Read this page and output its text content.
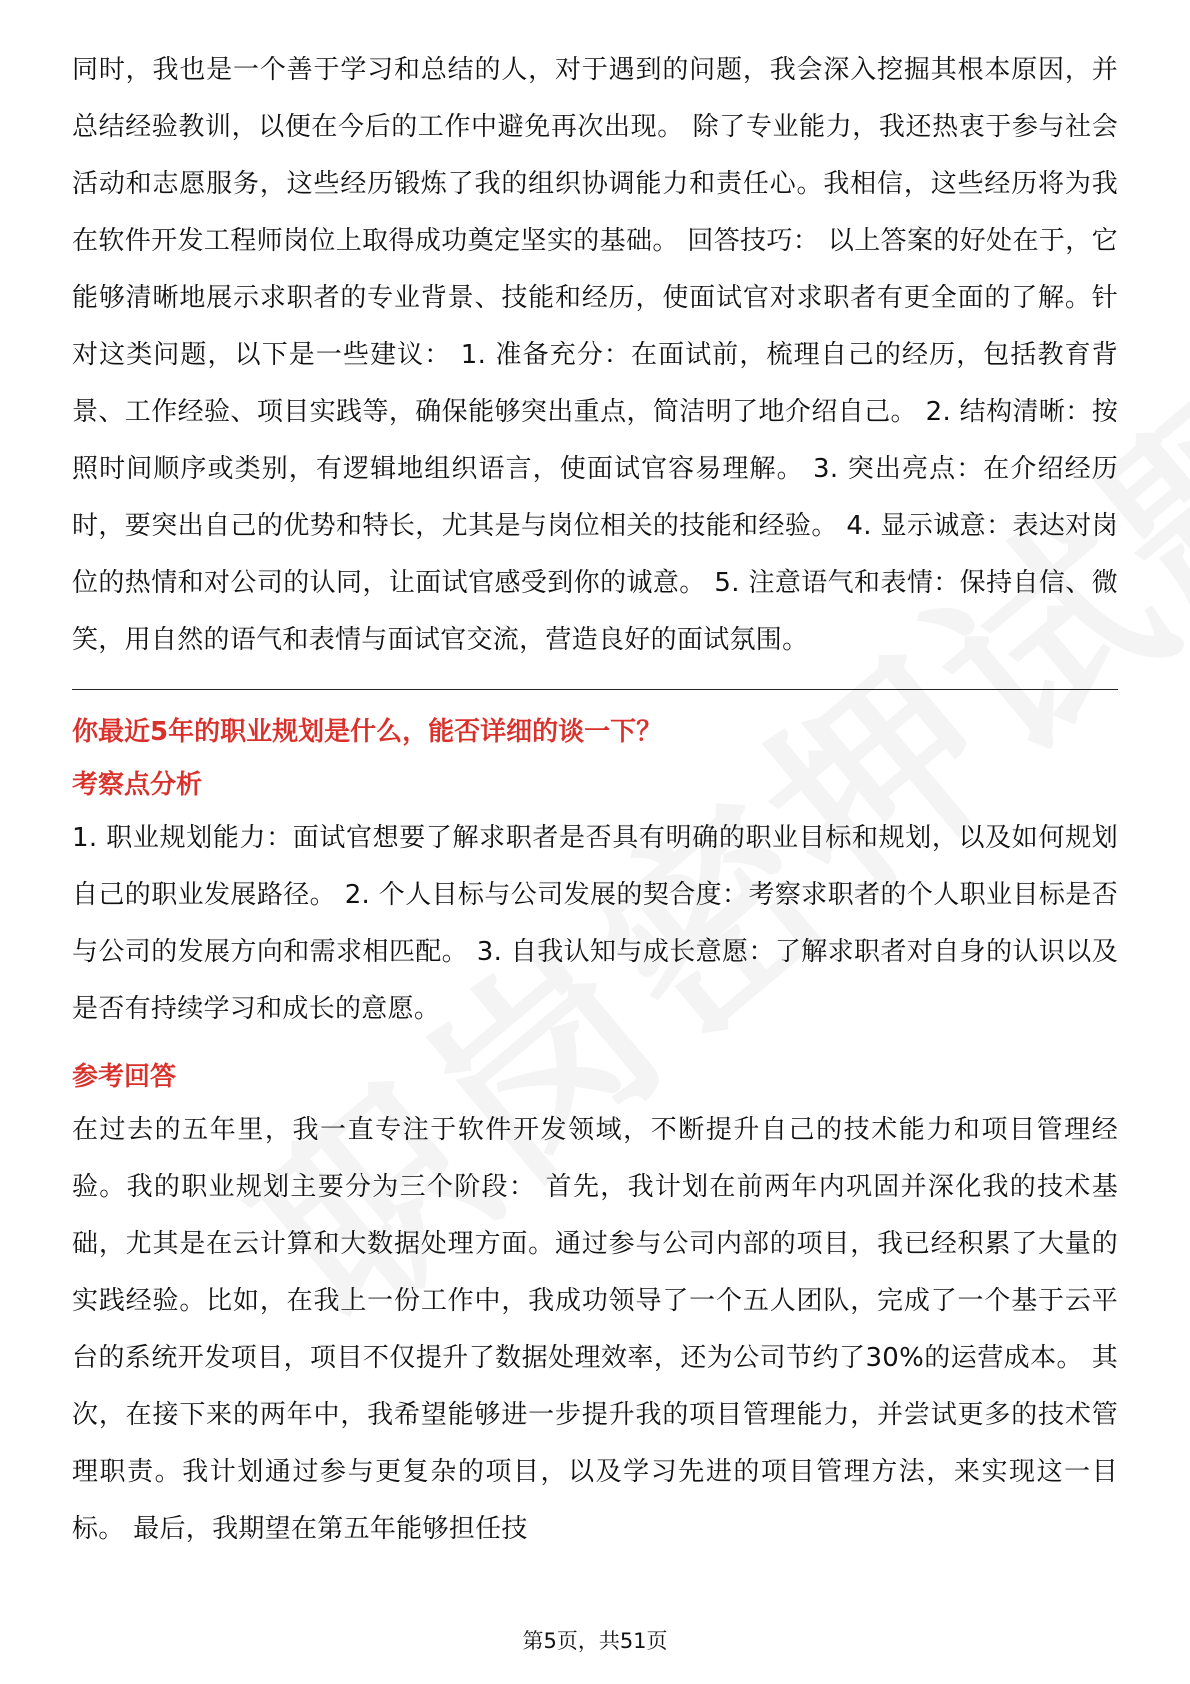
同时，我也是一个善于学习和总结的人，对于遇到的问题，我会深入挖掘其根本原因，并总结经验教训，以便在今后的工作中避免再次出现。 除了专业能力，我还热衷于参与社会活动和志愿服务，这些经历锻炼了我的组织协调能力和责任心。我相信，这些经历将为我在软件开发工程师岗位上取得成功奠定坚实的基础。 回答技巧： 以上答案的好处在于，它能够清晰地展示求职者的专业背景、技能和经历，使面试官对求职者有更全面的了解。针对这类问题，以下是一些建议： 1. 准备充分：在面试前，梳理自己的经历，包括教育背景、工作经验、项目实践等，确保能够突出重点，简洁明了地介绍自己。 2. 结构清晰：按照时间顺序或类别，有逻辑地组织语言，使面试官容易理解。 3. 突出亮点：在介绍经历时，要突出自己的优势和特长，尤其是与岗位相关的技能和经验。 4. 显示诚意：表达对岗位的热情和对公司的认同，让面试官感受到你的诚意。 5. 注意语气和表情：保持自信、微笑，用自然的语气和表情与面试官交流，营造良好的面试氛围。

你最近5年的职业规划是什么，能否详细的谈一下？

考察点分析

1. 职业规划能力：面试官想要了解求职者是否具有明确的职业目标和规划，以及如何规划自己的职业发展路径。 2. 个人目标与公司发展的契合度：考察求职者的个人职业目标是否与公司的发展方向和需求相匹配。 3. 自我认知与成长意愿：了解求职者对自身的认识以及是否有持续学习和成长的意愿。

参考回答

在过去的五年里，我一直专注于软件开发领域，不断提升自己的技术能力和项目管理经验。我的职业规划主要分为三个阶段： 首先，我计划在前两年内巩固并深化我的技术基础，尤其是在云计算和大数据处理方面。通过参与公司内部的项目，我已经积累了大量的实践经验。比如，在我上一份工作中，我成功领导了一个五人团队，完成了一个基于云平台的系统开发项目，项目不仅提升了数据处理效率，还为公司节约了30%的运营成本。 其次，在接下来的两年中，我希望能够进一步提升我的项目管理能力，并尝试更多的技术管理职责。我计划通过参与更复杂的项目，以及学习先进的项目管理方法，来实现这一目标。 最后，我期望在第五年能够担任技

第5页，共51页
